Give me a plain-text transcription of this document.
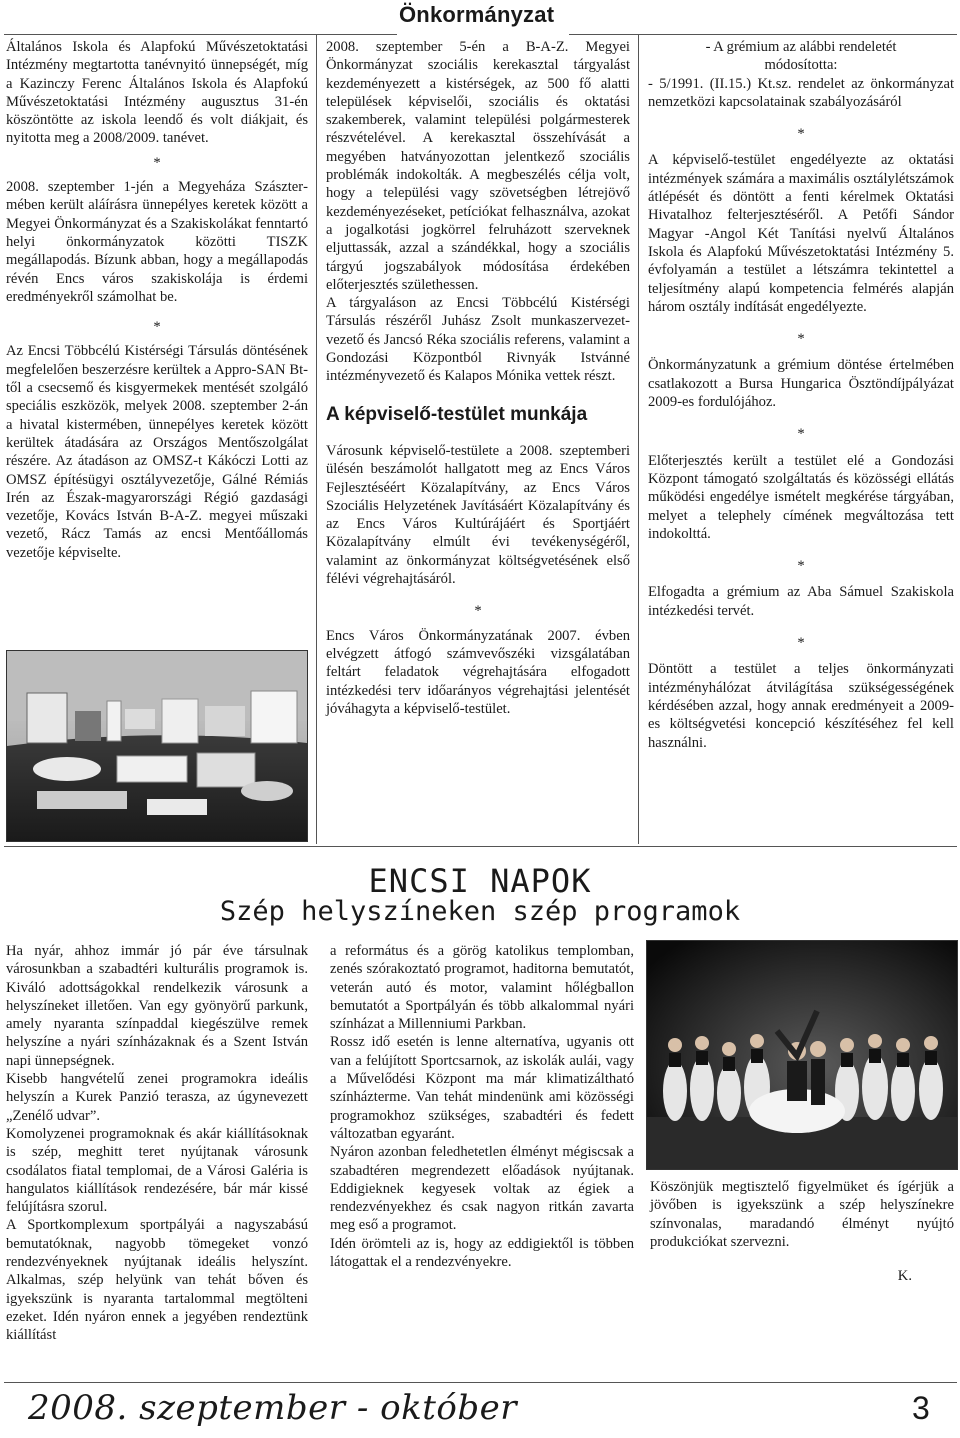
Önkormányzat

Általános Iskola és Alapfokú Művészetoktatási Intézmény megtartotta tanévnyitó ünnepségét, míg a Kazinczy Ferenc Általános Iskola és Alapfokú Művészetoktatási Intézmény augusztus 31-én köszöntötte az iskola leendő és volt diákjait, és nyitotta meg a 2008/2009. tanévet.

*

2008. szeptember 1-jén a Megyeháza Szásztermében került aláírásra ünnepélyes keretek között a Megyei Önkormányzat és a Szakiskolákat fenntartó helyi önkormányzatok közötti TISZK megállapodás. Bízunk abban, hogy a megállapodás révén Encs város szakiskolája is érdemi eredményekről számolhat be.

*

Az Encsi Többcélú Kistérségi Társulás döntésének megfelelően beszerzésre kerültek a Appro-SAN Bt-től a csecsemő és kisgyermekek mentését szolgáló speciális eszközök, melyek 2008. szeptember 2-án a hivatal kistermében, ünnepélyes keretek között kerültek átadására az Országos Mentőszolgálat részére. Az átadáson az OMSZ-t Kákóczi Lotti az OMSZ építésügyi osztályvezetője, Gálné Rémiás Irén az Észak-magyarországi Régió gazdasági vezetője, Kovács István B-A-Z. megyei műszaki vezető, Rácz Tamás az encsi Mentőállomás vezetője képviselte.

2008. szeptember 5-én a B-A-Z. Megyei Önkormányzat szociális kerekasztal tárgyalást kezdeményezett a kistérségek, az 500 fő alatti települések képviselői, szociális és oktatási szakemberek, valamint települési polgármesterek részvételével. A kerekasztal összehívását a megyében hatványozottan jelentkező szociális problémák indokolták. A megbeszélés célja volt, hogy a települési vagy szövetségben létrejövő kezdeményezéseket, petíciókat felhasználva, azokat a jogalkotási jogkörrel felruházott szerveknek eljuttassák, azzal a szándékkal, hogy a szociális tárgyú jogszabályok módosítása érdekében előterjesztés születhessen.

A tárgyaláson az Encsi Többcélú Kistérségi Társulás részéről Juhász Zsolt munkaszervezet-vezető és Jancsó Réka szociális referens, valamint a Gondozási Központból Rivnyák Istvánné intézményvezető és Kalapos Mónika vettek részt.

A képviselő-testület munkája

Városunk képviselő-testülete a 2008. szeptemberi ülésén beszámolót hallgatott meg az Encs Város Fejlesztéséért Közalapítvány, az Encs Város Szociális Helyzetének Javításáért Közalapítvány és az Encs Város Kultúrájáért és Sportjáért Közalapítvány elmúlt évi tevékenységéről, valamint az önkormányzat költségvetésének első félévi végrehajtásáról.

*

Encs Város Önkormányzatának 2007. évben elvégzett átfogó számvevőszéki vizsgálatában feltárt feladatok végrehajtására elfogadott intézkedési terv időarányos végrehajtási jelentését jóváhagyta a képviselő-testület.

- A grémium az alábbi rendeletét

módosította:

- 5/1991. (II.15.) Kt.sz. rendelet az önkormányzat nemzetközi kapcsolatainak szabályozásáról

*

A képviselő-testület engedélyezte az oktatási intézmények számára a maximális osztálylétszámok átlépését és döntött a fenti kérelmek Oktatási Hivatalhoz felterjesztéséről. A Petőfi Sándor Magyar -Angol Két Tanítási nyelvű Általános Iskola és Alapfokú Művészetoktatási Intézmény 5. évfolyamán a testület a létszámra tekintettel a teljesítmény alapú kompetencia felmérés alapján három osztály indítását engedélyezte.

*

Önkormányzatunk a grémium döntése értelmében csatlakozott a Bursa Hungarica Ösztöndíjpályázat 2009-es fordulójához.

*

Előterjesztés került a testület elé a Gondozási Központ támogató szolgáltatás és közösségi ellátás működési engedélye ismételt megkérése tárgyában, melyet a telephely címének megváltozása tett indokolttá.

*

Elfogadta a grémium az Aba Sámuel Szakiskola intézkedési tervét.

*

Döntött a testület a teljes önkormányzati intézményhálózat átvilágítása szükségességének kérdésében azzal, hogy annak eredményeit a 2009-es költségvetési koncepció készítéséhez fel kell használni.

ENCSI NAPOK
Szép helyszíneken szép programok

Ha nyár, ahhoz immár jó pár éve társulnak városunkban a szabadtéri kulturális programok is. Kiváló adottságokkal rendelkezik városunk a helyszíneket illetően. Van egy gyönyörű parkunk, amely nyaranta színpaddal kiegészülve remek helyszíne a nyári színházaknak és a Szent István napi ünnepségnek.

Kisebb hangvételű zenei programokra ideális helyszín a Kurek Panzió terasza, az úgynevezett „Zenélő udvar”.

Komolyzenei programoknak és akár kiállításoknak is szép, meghitt teret nyújtanak városunk csodálatos fiatal templomai, de a Városi Galéria is hangulatos kiállítások rendezésére, bár már kissé felújításra szorul.

A Sportkomplexum sportpályái a nagyszabású bemutatóknak, nagyobb tömegeket vonzó rendezvényeknek nyújtanak ideális helyszínt. Alkalmas, szép helyünk van tehát bőven és igyekszünk is nyaranta tartalommal megtölteni ezeket. Idén nyáron ennek a jegyében rendeztünk kiállítást

a református és a görög katolikus templomban, zenés szórakoztató programot, haditorna bemutatót, veterán autó és motor, valamint hőlégballon bemutatót a Sportpályán és több alkalommal nyári színházat a Millenniumi Parkban.

Rossz idő esetén is lenne alternatíva, ugyanis ott van a felújított Sportcsarnok, az iskolák aulái, vagy a Művelődési Központ ma már klimatizáltható színházterme. Van tehát mindenünk ami közösségi programokhoz szükséges, szabadtéri és fedett változatban egyaránt.

Nyáron azonban feledhetetlen élményt mégiscsak a szabadtéren megrendezett előadások nyújtanak. Eddigieknek kegyesek voltak az égiek a rendezvényekhez és csak nagyon ritkán zavarta meg eső a programot.

Idén örömteli az is, hogy az eddigiektől is többen látogattak el a rendezvényekre.

Köszönjük megtisztelő figyelmüket és ígérjük a jövőben is igyekszünk a szép helyszínekre színvonalas, maradandó élményt nyújtó produkciókat szervezni.

K.

2008. szeptember - október	3
